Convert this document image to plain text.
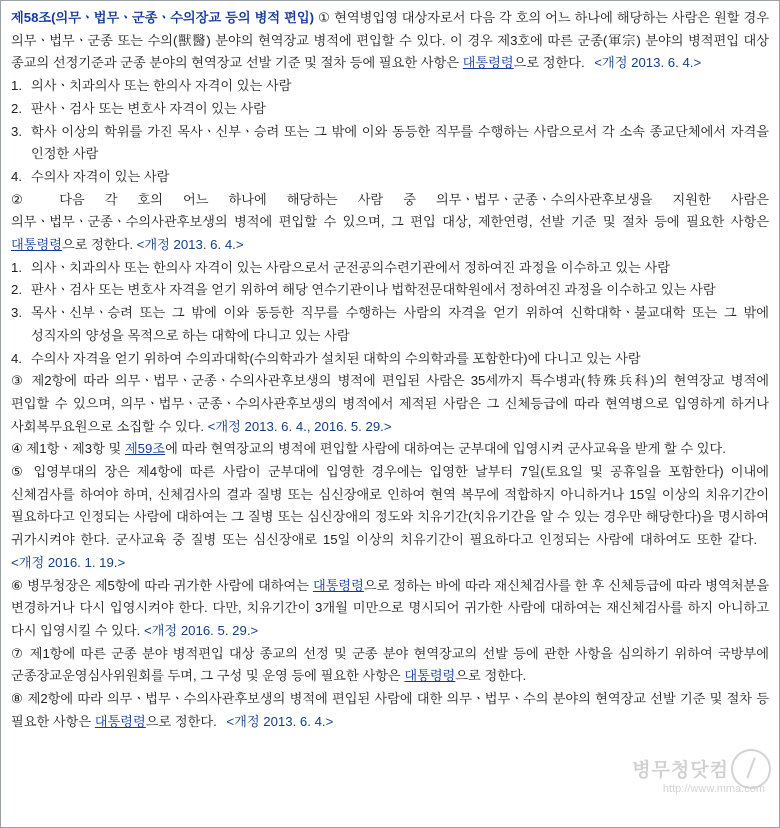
제58조(의무ㆍ법무ㆍ군종ㆍ수의장교 등의 병적 편입) ① 현역병입영 대상자로서 다음 각 호의 어느 하나에 해당하는 사람은 원할 경우 의무ㆍ법무ㆍ군종 또는 수의(獸醫) 분야의 현역장교 병적에 편입할 수 있다. 이 경우 제3호에 따른 군종(軍宗) 분야의 병적편입 대상 종교의 선정기준과 군종 분야의 현역장교 선발 기준 및 절차 등에 필요한 사항은 대통령령으로 정한다. <개정 2013. 6. 4.>

1. 의사ㆍ치과의사 또는 한의사 자격이 있는 사람
2. 판사ㆍ검사 또는 변호사 자격이 있는 사람
3. 학사 이상의 학위를 가진 목사ㆍ신부ㆍ승려 또는 그 밖에 이와 동등한 직무를 수행하는 사람으로서 각 소속 종교단체에서 자격을 인정한 사람
4. 수의사 자격이 있는 사람

② 다음 각 호의 어느 하나에 해당하는 사람 중 의무ㆍ법무ㆍ군종ㆍ수의사관후보생을 지원한 사람은 의무ㆍ법무ㆍ군종ㆍ수의사관후보생의 병적에 편입할 수 있으며, 그 편입 대상, 제한연령, 선발 기준 및 절차 등에 필요한 사항은 대통령령으로 정한다. <개정 2013. 6. 4.>

1. 의사ㆍ치과의사 또는 한의사 자격이 있는 사람으로서 군전공의수련기관에서 정하여진 과정을 이수하고 있는 사람
2. 판사ㆍ검사 또는 변호사 자격을 얻기 위하여 해당 연수기관이나 법학전문대학원에서 정하여진 과정을 이수하고 있는 사람
3. 목사ㆍ신부ㆍ승려 또는 그 밖에 이와 동등한 직무를 수행하는 사람의 자격을 얻기 위하여 신학대학ㆍ불교대학 또는 그 밖에 성직자의 양성을 목적으로 하는 대학에 다니고 있는 사람
4. 수의사 자격을 얻기 위하여 수의과대학(수의학과가 설치된 대학의 수의학과를 포함한다)에 다니고 있는 사람

③ 제2항에 따라 의무ㆍ법무ㆍ군종ㆍ수의사관후보생의 병적에 편입된 사람은 35세까지 특수병과(特殊兵科)의 현역장교 병적에 편입할 수 있으며, 의무ㆍ법무ㆍ군종ㆍ수의사관후보생의 병적에서 제적된 사람은 그 신체등급에 따라 현역병으로 입영하게 하거나 사회복무요원으로 소집할 수 있다. <개정 2013. 6. 4., 2016. 5. 29.>

④ 제1항ㆍ제3항 및 제59조에 따라 현역장교의 병적에 편입할 사람에 대하여는 군부대에 입영시켜 군사교육을 받게 할 수 있다.

⑤ 입영부대의 장은 제4항에 따른 사람이 군부대에 입영한 경우에는 입영한 날부터 7일(토요일 및 공휴일을 포함한다) 이내에 신체검사를 하여야 하며, 신체검사의 결과 질병 또는 심신장애로 인하여 현역 복무에 적합하지 아니하거나 15일 이상의 치유기간이 필요하다고 인정되는 사람에 대하여는 그 질병 또는 심신장애의 정도와 치유기간(치유기간을 알 수 있는 경우만 해당한다)을 명시하여 귀가시켜야 한다. 군사교육 중 질병 또는 심신장애로 15일 이상의 치유기간이 필요하다고 인정되는 사람에 대하여도 또한 같다. <개정 2016. 1. 19.>

⑥ 병무청장은 제5항에 따라 귀가한 사람에 대하여는 대통령령으로 정하는 바에 따라 재신체검사를 한 후 신체등급에 따라 병역처분을 변경하거나 다시 입영시켜야 한다. 다만, 치유기간이 3개월 미만으로 명시되어 귀가한 사람에 대하여는 재신체검사를 하지 아니하고 다시 입영시킬 수 있다. <개정 2016. 5. 29.>

⑦ 제1항에 따른 군종 분야 병적편입 대상 종교의 선정 및 군종 분야 현역장교의 선발 등에 관한 사항을 심의하기 위하여 국방부에 군종장교운영심사위원회를 두며, 그 구성 및 운영 등에 필요한 사항은 대통령령으로 정한다.

⑧ 제2항에 따라 의무ㆍ법무ㆍ수의사관후보생의 병적에 편입된 사람에 대한 의무ㆍ법무ㆍ수의 분야의 현역장교 선발 기준 및 절차 등 필요한 사항은 대통령령으로 정한다. <개정 2013. 6. 4.>

병무청닷컴
http://www.mma.com
